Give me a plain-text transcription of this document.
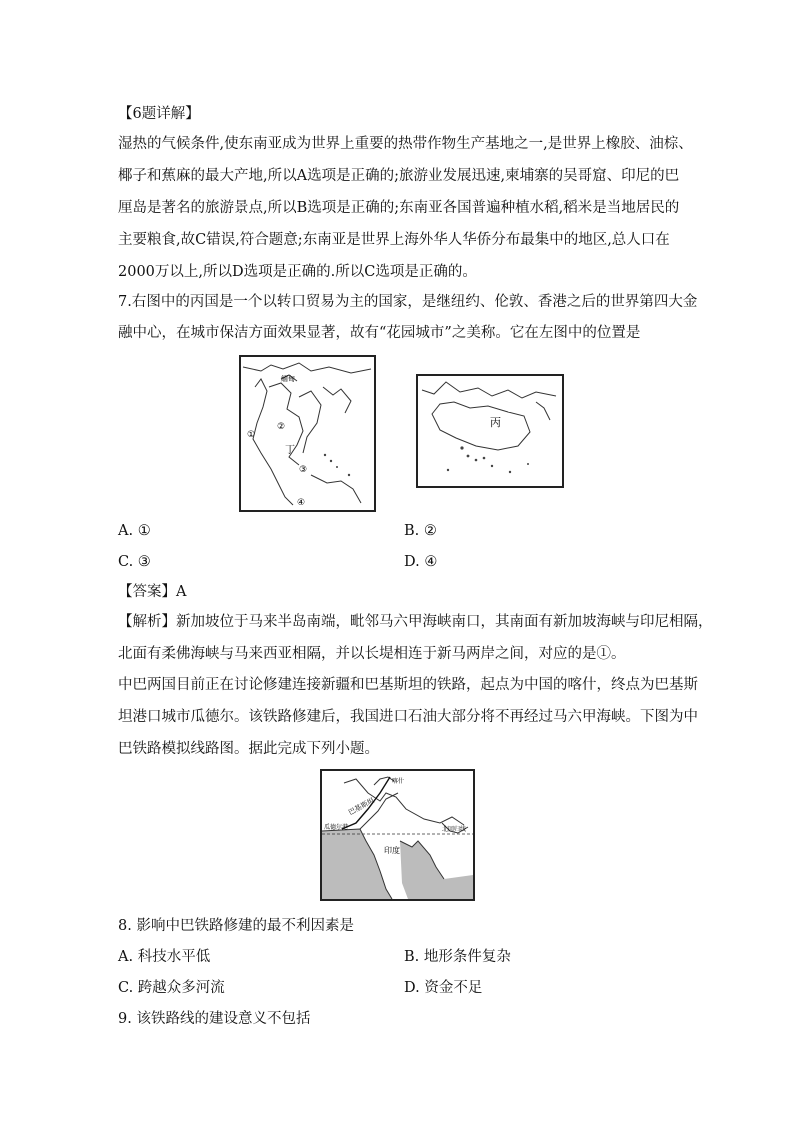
【6题详解】
湿热的气候条件,使东南亚成为世界上重要的热带作物生产基地之一,是世界上橡胶、油棕、
椰子和蕉麻的最大产地,所以A选项是正确的;旅游业发展迅速,柬埔寨的吴哥窟、印尼的巴
厘岛是著名的旅游景点,所以B选项是正确的;东南亚各国普遍种植水稻,稻米是当地居民的
主要粮食,故C错误,符合题意;东南亚是世界上海外华人华侨分布最集中的地区,总人口在
2000万以上,所以D选项是正确的.所以C选项是正确的。
7.右图中的丙国是一个以转口贸易为主的国家，是继纽约、伦敦、香港之后的世界第四大金
融中心，在城市保洁方面效果显著，故有“花园城市”之美称。它在左图中的位置是
缅甸
①
②
③
④
丁
丙
A. ①	B. ②
C. ③	D. ④
【答案】A
【解析】新加坡位于马来半岛南端，毗邻马六甲海峡南口，其南面有新加坡海峡与印尼相隔，
北面有柔佛海峡与马来西亚相隔，并以长堤相连于新马两岸之间，对应的是①。
中巴两国目前正在讨论修建连接新疆和巴基斯坦的铁路，起点为中国的喀什，终点为巴基斯
坦港口城市瓜德尔。该铁路修建后，我国进口石油大部分将不再经过马六甲海峡。下图为中
巴铁路模拟线路图。据此完成下列小题。
喀什
巴基斯坦
瓜德尔港	北回归线
印度
8. 影响中巴铁路修建的最不利因素是
A. 科技水平低	B. 地形条件复杂
C. 跨越众多河流	D. 资金不足
9. 该铁路线的建设意义不包括
